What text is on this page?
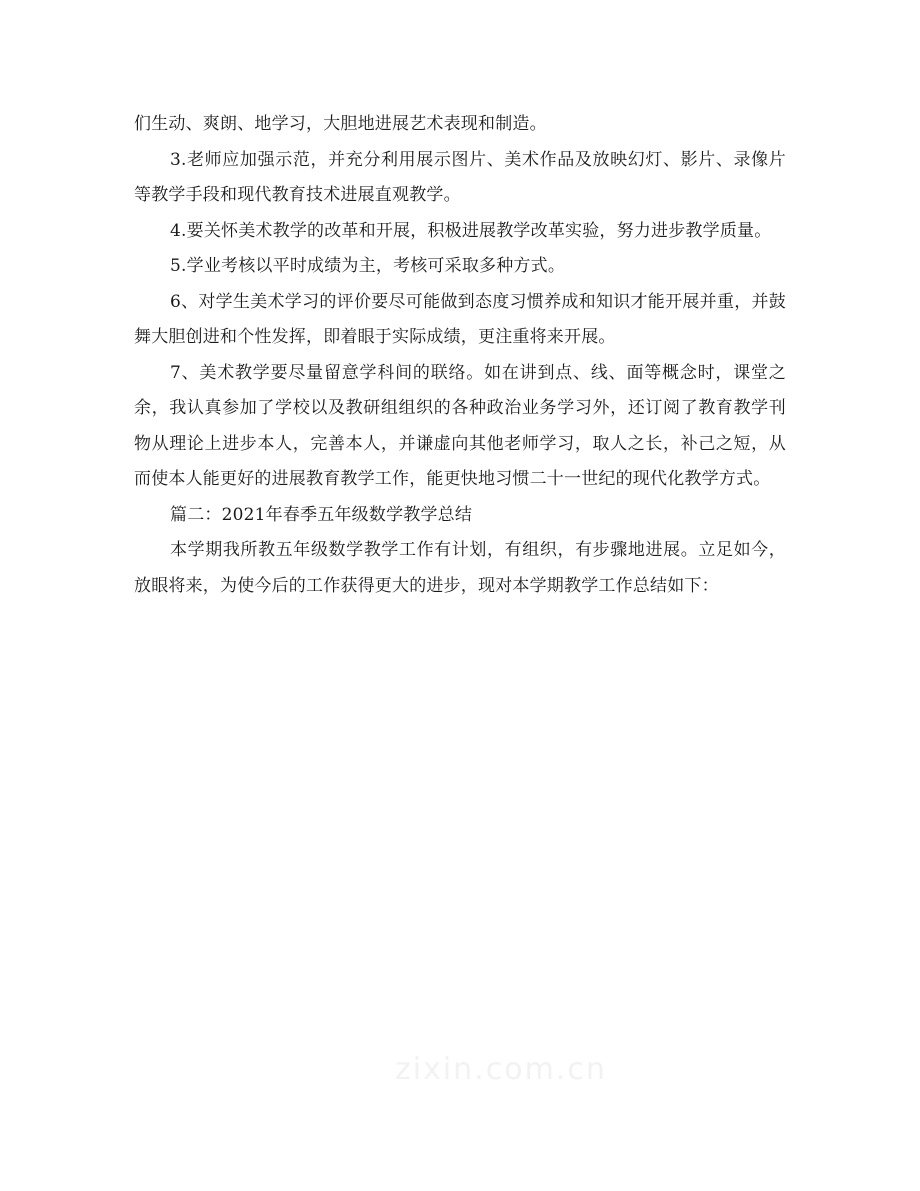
们生动、爽朗、地学习，大胆地进展艺术表现和制造。

3.老师应加强示范，并充分利用展示图片、美术作品及放映幻灯、影片、录像片等教学手段和现代教育技术进展直观教学。

4.要关怀美术教学的改革和开展，积极进展教学改革实验，努力进步教学质量。

5.学业考核以平时成绩为主，考核可采取多种方式。

6、对学生美术学习的评价要尽可能做到态度习惯养成和知识才能开展并重，并鼓舞大胆创进和个性发挥，即着眼于实际成绩，更注重将来开展。

7、美术教学要尽量留意学科间的联络。如在讲到点、线、面等概念时，课堂之余，我认真参加了学校以及教研组组织的各种政治业务学习外，还订阅了教育教学刊物从理论上进步本人，完善本人，并谦虚向其他老师学习，取人之长，补己之短，从而使本人能更好的进展教育教学工作，能更快地习惯二十一世纪的现代化教学方式。

篇二：2021年春季五年级数学教学总结

本学期我所教五年级数学教学工作有计划，有组织，有步骤地进展。立足如今，放眼将来，为使今后的工作获得更大的进步，现对本学期教学工作总结如下：

zixin.com.cn
